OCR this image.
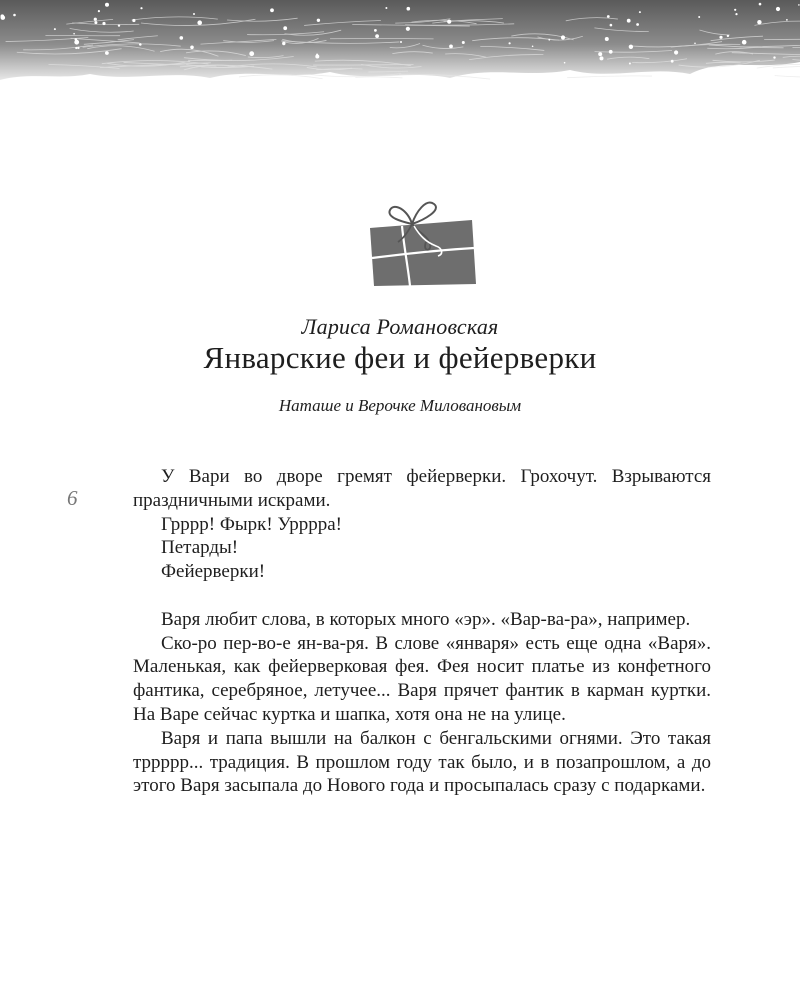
Лариса Романовская
Январские феи и фейерверки
Наташе и Верочке Миловановым
6

У Вари во дворе гремят фейерверки. Грохочут. Взрываются праздничными искрами.

Грррр! Фырк! Урррра!

Петарды!

Фейерверки!

Варя любит слова, в которых много «эр». «Вар-ва-ра», например.

Ско-ро пер-во-е ян-ва-ря. В слове «января» есть еще одна «Варя». Маленькая, как фейерверковая фея. Фея носит платье из конфетного фантика, серебряное, летучее... Варя прячет фантик в карман куртки. На Варе сейчас куртка и шапка, хотя она не на улице.

Варя и папа вышли на балкон с бенгальскими огнями. Это такая тррррр... традиция. В прошлом году так было, и в позапрошлом, а до этого Варя засыпала до Нового года и просыпалась сразу с подарками.
